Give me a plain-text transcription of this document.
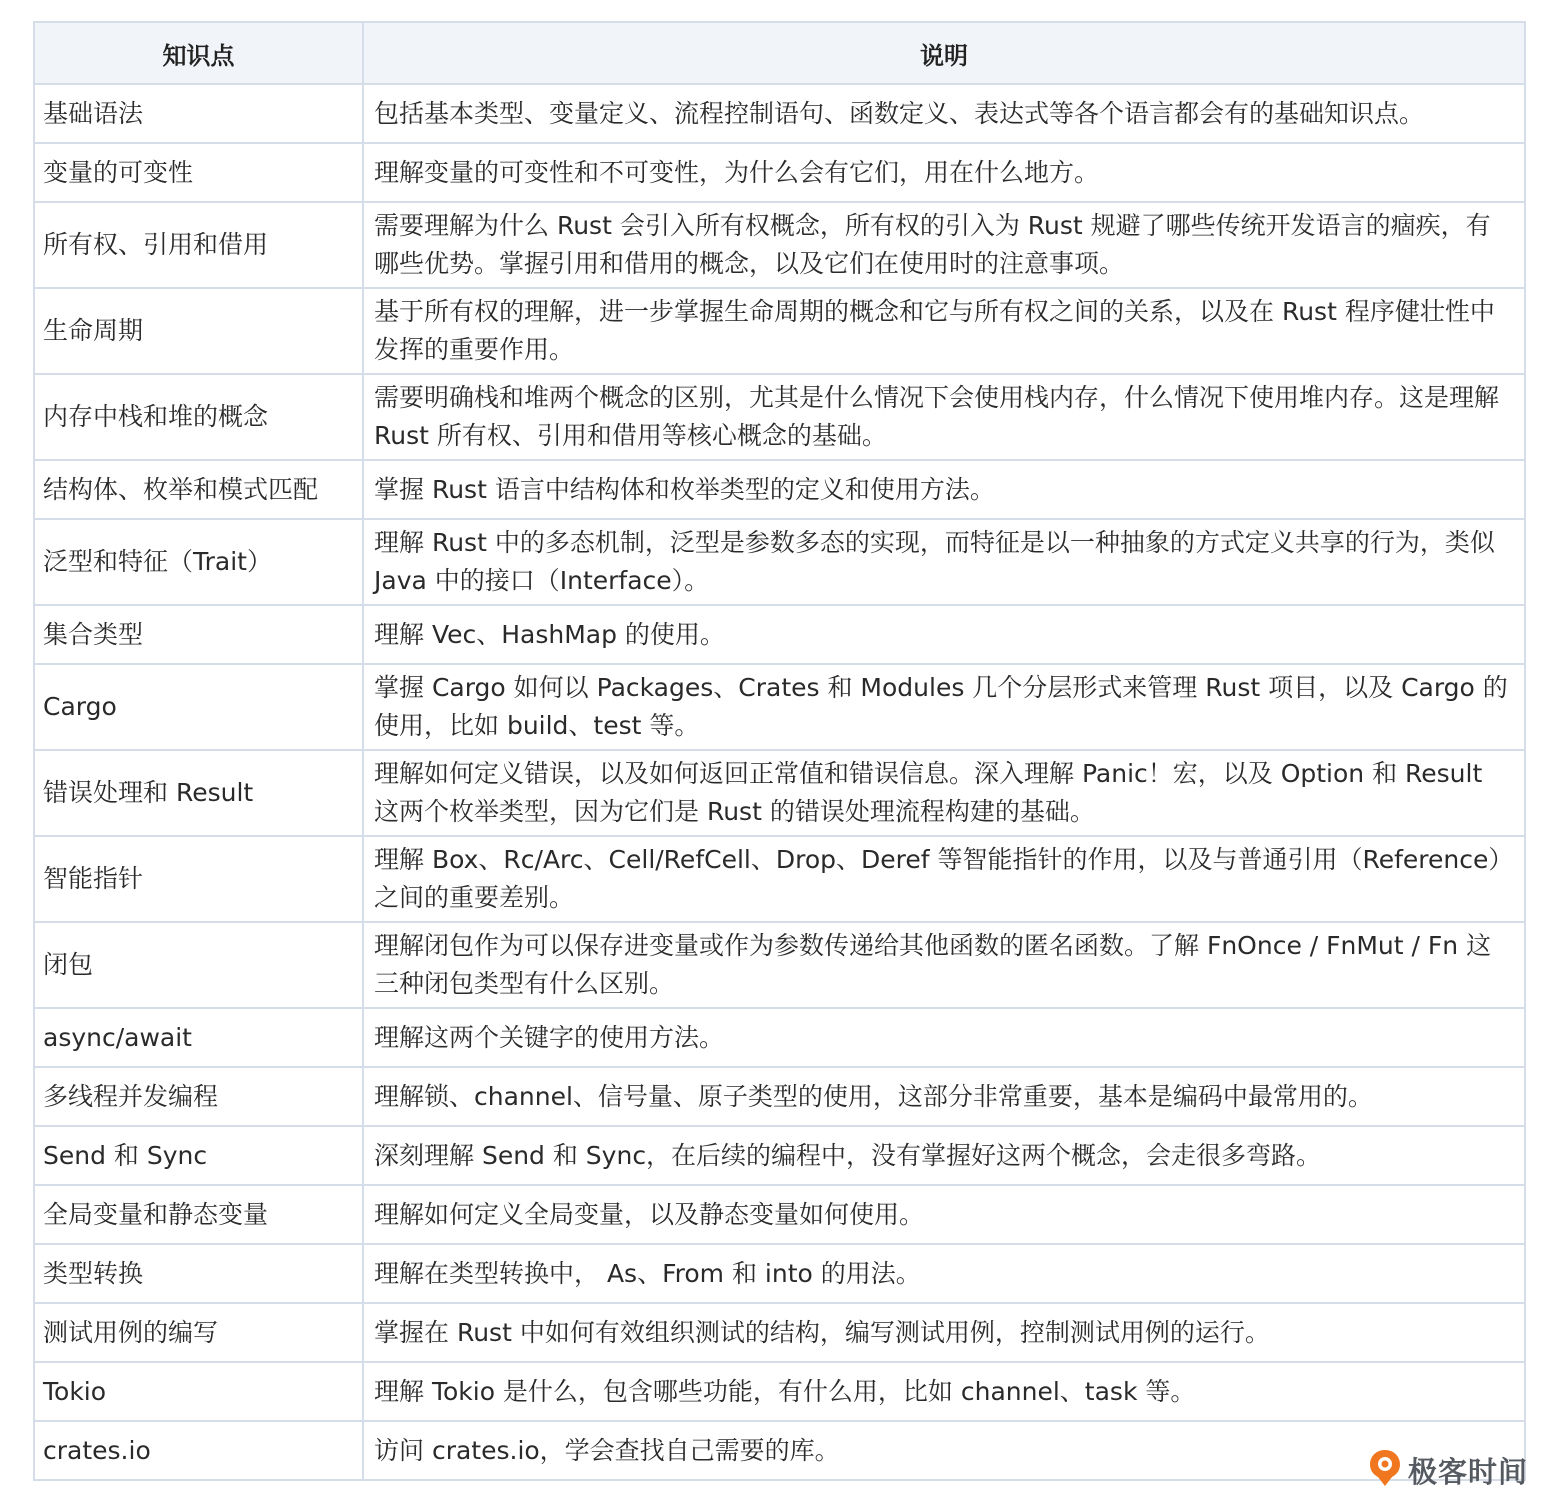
知识点	说明
基础语法	包括基本类型、变量定义、流程控制语句、函数定义、表达式等各个语言都会有的基础知识点。
变量的可变性	理解变量的可变性和不可变性，为什么会有它们，用在什么地方。
所有权、引用和借用	需要理解为什么 Rust 会引入所有权概念，所有权的引入为 Rust 规避了哪些传统开发语言的痼疾，有哪些优势。掌握引用和借用的概念，以及它们在使用时的注意事项。
生命周期	基于所有权的理解，进一步掌握生命周期的概念和它与所有权之间的关系，以及在 Rust 程序健壮性中发挥的重要作用。
内存中栈和堆的概念	需要明确栈和堆两个概念的区别，尤其是什么情况下会使用栈内存，什么情况下使用堆内存。这是理解 Rust 所有权、引用和借用等核心概念的基础。
结构体、枚举和模式匹配	掌握 Rust 语言中结构体和枚举类型的定义和使用方法。
泛型和特征（Trait）	理解 Rust 中的多态机制，泛型是参数多态的实现，而特征是以一种抽象的方式定义共享的行为，类似 Java 中的接口（Interface）。
集合类型	理解 Vec、HashMap 的使用。
Cargo	掌握 Cargo 如何以 Packages、Crates 和 Modules 几个分层形式来管理 Rust 项目，以及 Cargo 的使用，比如 build、test 等。
错误处理和 Result	理解如何定义错误，以及如何返回正常值和错误信息。深入理解 Panic！宏，以及 Option 和 Result 这两个枚举类型，因为它们是 Rust 的错误处理流程构建的基础。
智能指针	理解 Box、Rc/Arc、Cell/RefCell、Drop、Deref 等智能指针的作用，以及与普通引用（Reference）之间的重要差别。
闭包	理解闭包作为可以保存进变量或作为参数传递给其他函数的匿名函数。了解 FnOnce / FnMut / Fn 这三种闭包类型有什么区别。
async/await	理解这两个关键字的使用方法。
多线程并发编程	理解锁、channel、信号量、原子类型的使用，这部分非常重要，基本是编码中最常用的。
Send 和 Sync	深刻理解 Send 和 Sync，在后续的编程中，没有掌握好这两个概念，会走很多弯路。
全局变量和静态变量	理解如何定义全局变量，以及静态变量如何使用。
类型转换	理解在类型转换中， As、From 和 into 的用法。
测试用例的编写	掌握在 Rust 中如何有效组织测试的结构，编写测试用例，控制测试用例的运行。
Tokio	理解 Tokio 是什么，包含哪些功能，有什么用，比如 channel、task 等。
crates.io	访问 crates.io，学会查找自己需要的库。
极客时间
